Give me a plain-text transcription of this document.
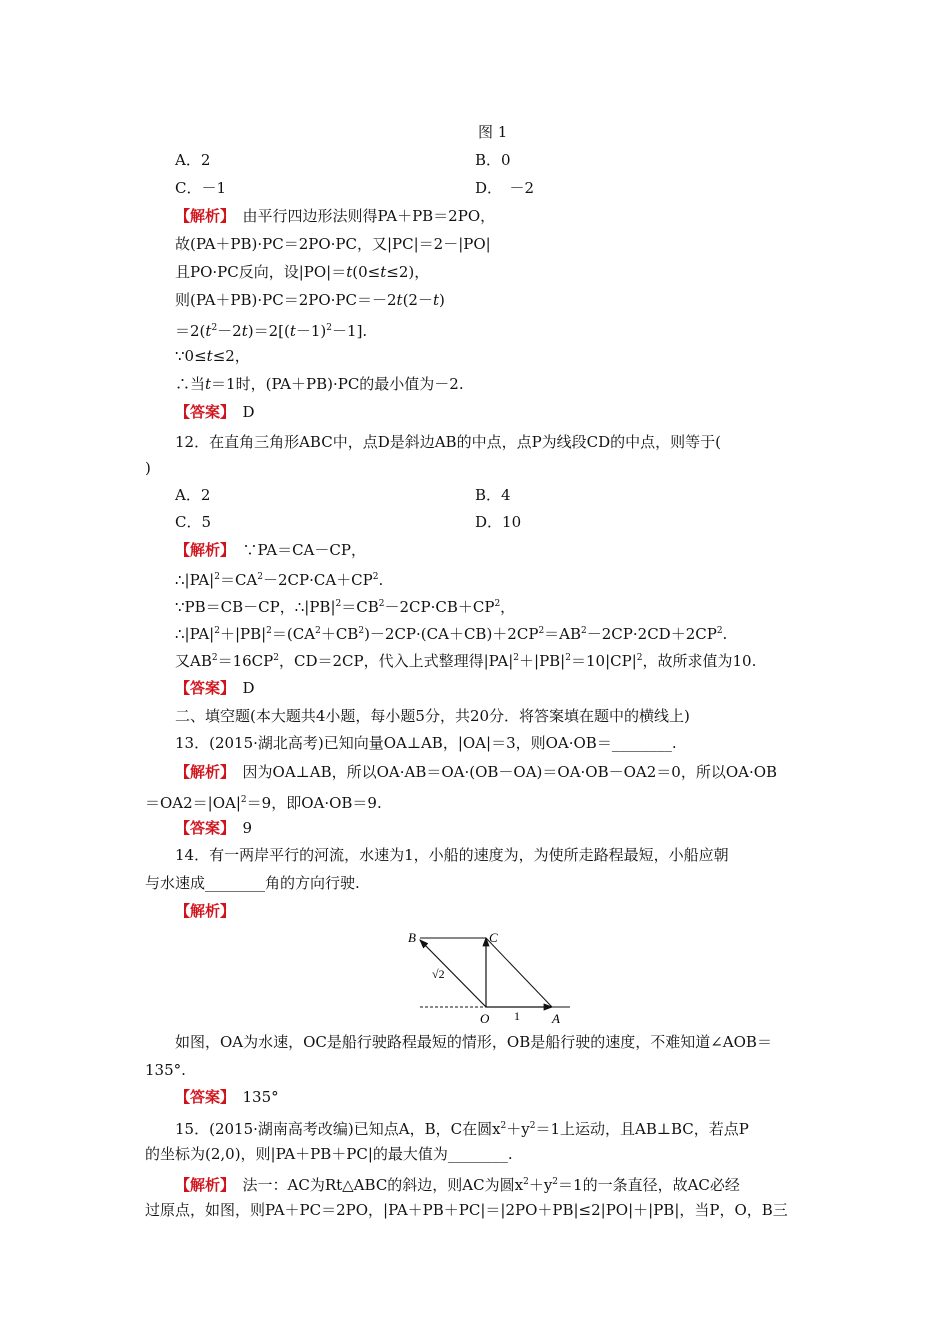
图 1
A．2	B．0
C．－1	D．　－2
【解析】　由平行四边形法则得PA＋PB＝2PO，
故(PA＋PB)·PC＝2PO·PC，又|PC|＝2－|PO|
且PO·PC反向，设|PO|＝t(0≤t≤2)，
则(PA＋PB)·PC＝2PO·PC＝－2t(2－t)
$=2(t^2-2t)=2[(t-1)^2-1]$.
∵0≤t≤2，
∴当t＝1时，(PA＋PB)·PC的最小值为－2.
【答案】　D
12．在直角三角形ABC中，点D是斜边AB的中点，点P为线段CD的中点，则等于(
)
A．2	B．4
C．5	D．10
【解析】　∵PA＝CA－CP，
$\therefore|PA|^2=CA^2-2CP\cdot CA+CP^2$.
∵PB＝CB－CP，$\therefore|PB|^2=CB^2-2CP\cdot CB+CP^2$，
$\therefore|PA|^2+|PB|^2=(CA^2+CB^2)-2CP\cdot(CA+CB)+2CP^2=AB^2-2CP\cdot 2CD+2CP^2$.
又$AB^2=16CP^2$，CD＝2CP，代入上式整理得$|PA|^2+|PB|^2=10|CP|^2$，故所求值为10.
【答案】　D
二、填空题(本大题共4小题，每小题5分，共20分．将答案填在题中的横线上)
13．(2015·湖北高考)已知向量OA⊥AB，|OA|＝3，则OA·OB＝________.
【解析】　因为OA⊥AB，所以OA·AB＝OA·(OB－OA)＝OA·OB－OA2＝0，所以OA·OB
$=OA2=|OA|^2=9$，即OA·OB＝9.
【答案】　9
14．有一两岸平行的河流，水速为1，小船的速度为，为使所走路程最短，小船应朝
与水速成________角的方向行驶.
【解析】
B	C
O	A
√2
1
如图，OA为水速，OC是船行驶路程最短的情形，OB是船行驶的速度，不难知道∠AOB＝
135°.
【答案】　135°
15．(2015·湖南高考改编)已知点A，B，C在圆$x^2+y^2=1$上运动，且AB⊥BC，若点P
的坐标为(2,0)，则|PA＋PB＋PC|的最大值为________.
【解析】　法一：AC为Rt△ABC的斜边，则AC为圆$x^2+y^2=1$的一条直径，故AC必经
过原点，如图，则PA＋PC＝2PO，|PA＋PB＋PC|＝|2PO＋PB|≤2|PO|＋|PB|，当P，O，B三
